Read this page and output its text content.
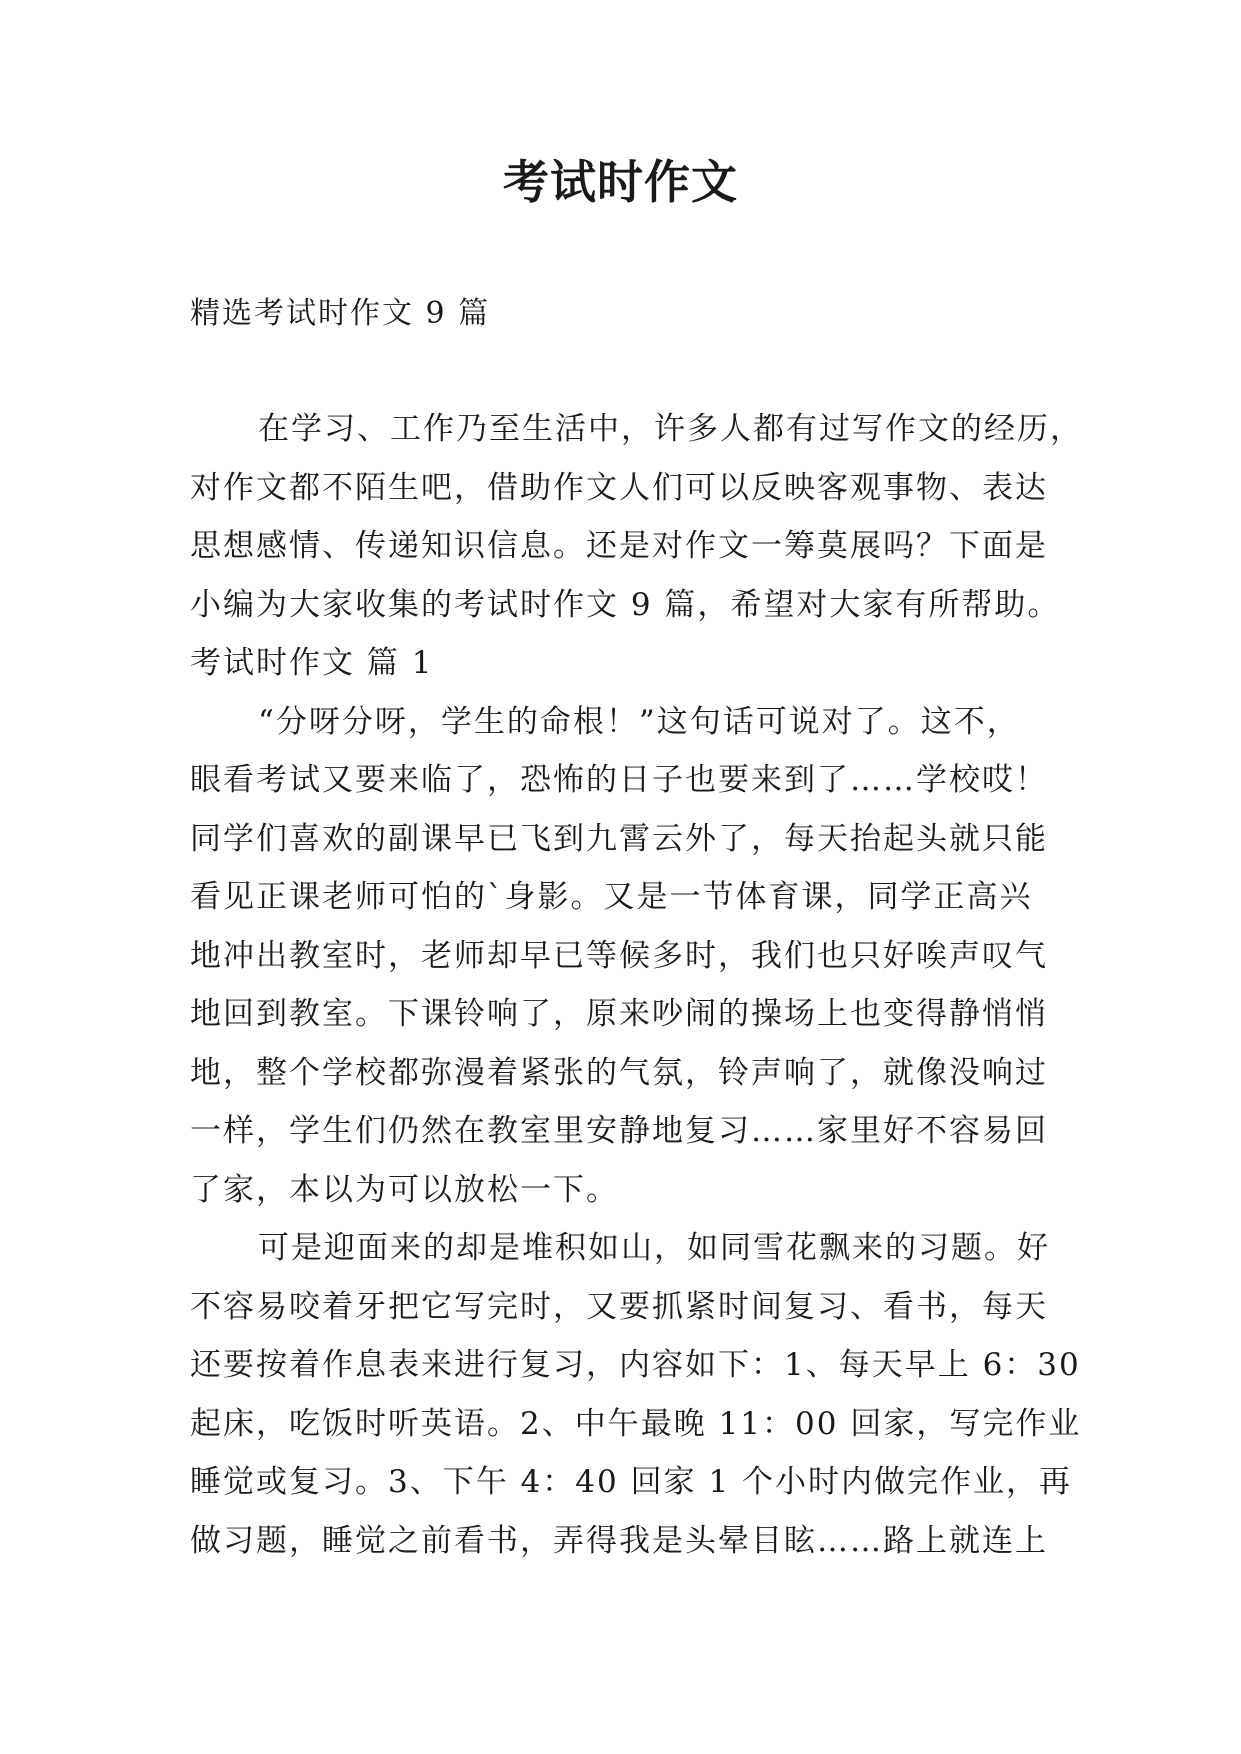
考试时作文
精选考试时作文 9 篇
在学习、工作乃至生活中，许多人都有过写作文的经历，
对作文都不陌生吧，借助作文人们可以反映客观事物、表达
思想感情、传递知识信息。还是对作文一筹莫展吗？下面是
小编为大家收集的考试时作文 9 篇，希望对大家有所帮助。
考试时作文 篇 1
“分呀分呀，学生的命根！”这句话可说对了。这不，
眼看考试又要来临了，恐怖的日子也要来到了……学校哎！
同学们喜欢的副课早已飞到九霄云外了，每天抬起头就只能
看见正课老师可怕的`身影。又是一节体育课，同学正高兴
地冲出教室时，老师却早已等候多时，我们也只好唉声叹气
地回到教室。下课铃响了，原来吵闹的操场上也变得静悄悄
地，整个学校都弥漫着紧张的气氛，铃声响了，就像没响过
一样，学生们仍然在教室里安静地复习……家里好不容易回
了家，本以为可以放松一下。
可是迎面来的却是堆积如山，如同雪花飘来的习题。好
不容易咬着牙把它写完时，又要抓紧时间复习、看书，每天
还要按着作息表来进行复习，内容如下：1、每天早上 6：30
起床，吃饭时听英语。2、中午最晚 11：00 回家，写完作业
睡觉或复习。3、下午 4：40 回家 1 个小时内做完作业，再
做习题，睡觉之前看书，弄得我是头晕目眩……路上就连上
